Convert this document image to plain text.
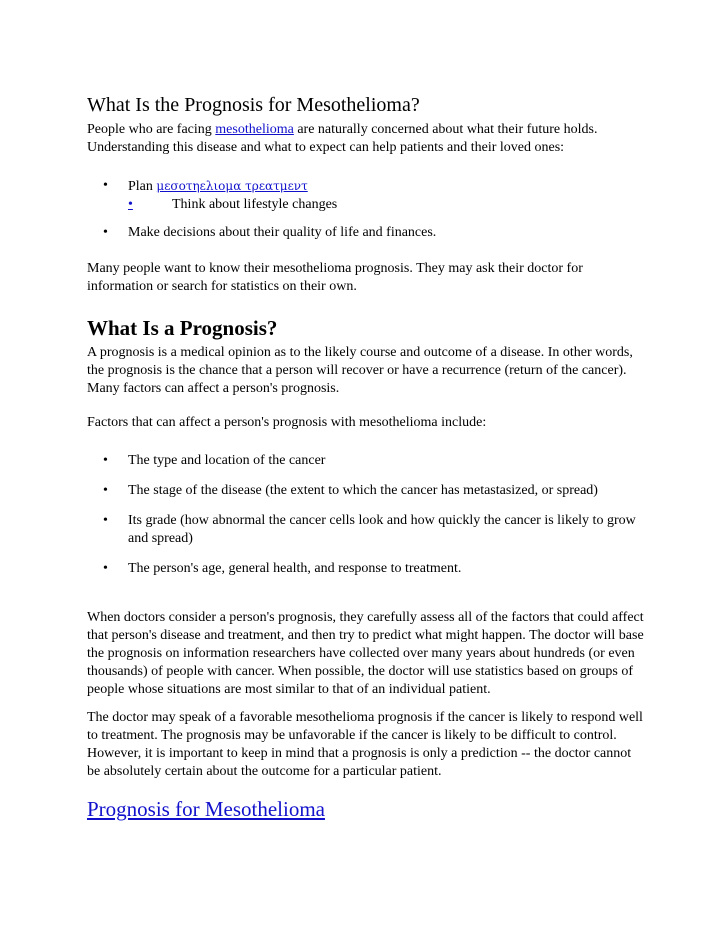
What Is the Prognosis for Mesothelioma?

People who are facing mesothelioma are naturally concerned about what their future holds. Understanding this disease and what to expect can help patients and their loved ones:

• Plan μεσοτηελιομα τρεατμεντ
•	Think about lifestyle changes
• Make decisions about their quality of life and finances.

Many people want to know their mesothelioma prognosis. They may ask their doctor for information or search for statistics on their own.

What Is a Prognosis?

A prognosis is a medical opinion as to the likely course and outcome of a disease. In other words, the prognosis is the chance that a person will recover or have a recurrence (return of the cancer). Many factors can affect a person's prognosis.

Factors that can affect a person's prognosis with mesothelioma include:

• The type and location of the cancer
• The stage of the disease (the extent to which the cancer has metastasized, or spread)
• Its grade (how abnormal the cancer cells look and how quickly the cancer is likely to grow and spread)
• The person's age, general health, and response to treatment.

When doctors consider a person's prognosis, they carefully assess all of the factors that could affect that person's disease and treatment, and then try to predict what might happen. The doctor will base the prognosis on information researchers have collected over many years about hundreds (or even thousands) of people with cancer. When possible, the doctor will use statistics based on groups of people whose situations are most similar to that of an individual patient.

The doctor may speak of a favorable mesothelioma prognosis if the cancer is likely to respond well to treatment. The prognosis may be unfavorable if the cancer is likely to be difficult to control. However, it is important to keep in mind that a prognosis is only a prediction -- the doctor cannot be absolutely certain about the outcome for a particular patient.

Prognosis for Mesothelioma
